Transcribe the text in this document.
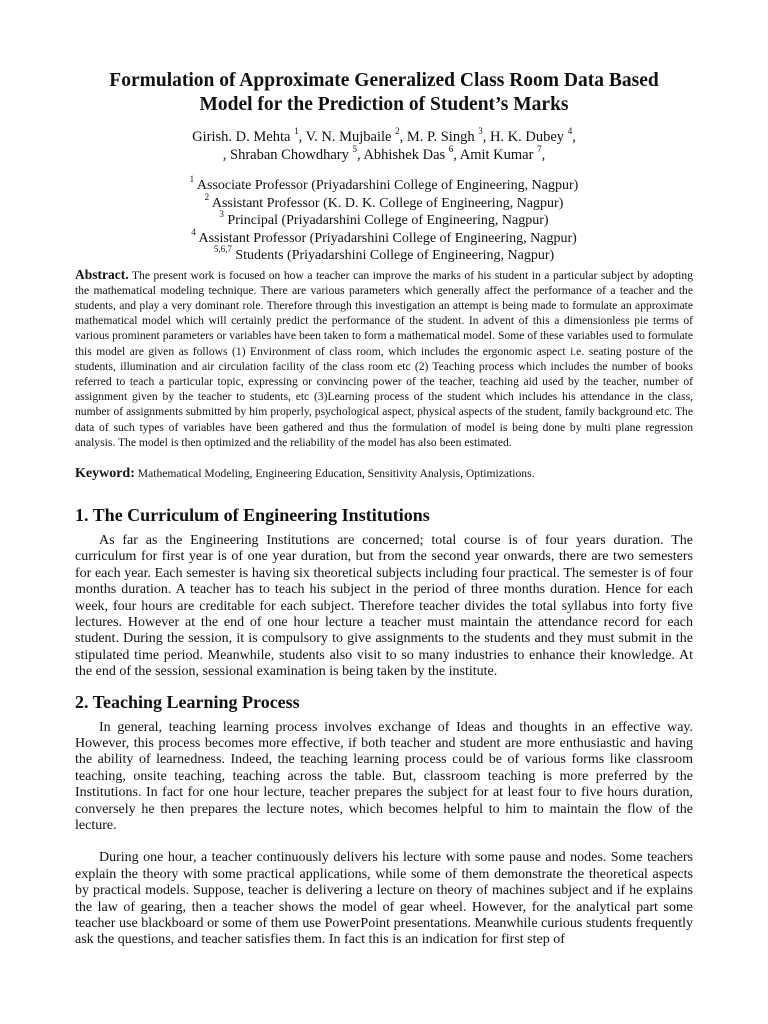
Formulation of Approximate Generalized Class Room Data Based
Model for the Prediction of Student’s Marks
Girish. D. Mehta $^1$, V. N. Mujbaile $^2$, M. P. Singh $^3$, H. K. Dubey $^4$,
, Shraban Chowdhary $^5$, Abhishek Das $^6$, Amit Kumar $^7$,
$^1$ Associate Professor (Priyadarshini College of Engineering, Nagpur)
$^2$ Assistant Professor (K. D. K. College of Engineering, Nagpur)
$^3$ Principal (Priyadarshini College of Engineering, Nagpur)
$^4$ Assistant Professor (Priyadarshini College of Engineering, Nagpur)
$^{5,6,7}$ Students (Priyadarshini College of Engineering, Nagpur)

Abstract. The present work is focused on how a teacher can improve the marks of his student in a particular subject by adopting the mathematical modeling technique. There are various parameters which generally affect the performance of a teacher and the students, and play a very dominant role. Therefore through this investigation an attempt is being made to formulate an approximate mathematical model which will certainly predict the performance of the student. In advent of this a dimensionless pie terms of various prominent parameters or variables have been taken to form a mathematical model. Some of these variables used to formulate this model are given as follows (1) Environment of class room, which includes the ergonomic aspect i.e. seating posture of the students, illumination and air circulation facility of the class room etc (2) Teaching process which includes the number of books referred to teach a particular topic, expressing or convincing power of the teacher, teaching aid used by the teacher, number of assignment given by the teacher to students, etc (3)Learning process of the student which includes his attendance in the class, number of assignments submitted by him properly, psychological aspect, physical aspects of the student, family background etc. The data of such types of variables have been gathered and thus the formulation of model is being done by multi plane regression analysis. The model is then optimized and the reliability of the model has also been estimated.

Keyword: Mathematical Modeling, Engineering Education, Sensitivity Analysis, Optimizations.

1. The Curriculum of Engineering Institutions

As far as the Engineering Institutions are concerned; total course is of four years duration. The curriculum for first year is of one year duration, but from the second year onwards, there are two semesters for each year. Each semester is having six theoretical subjects including four practical. The semester is of four months duration. A teacher has to teach his subject in the period of three months duration. Hence for each week, four hours are creditable for each subject. Therefore teacher divides the total syllabus into forty five lectures. However at the end of one hour lecture a teacher must maintain the attendance record for each student. During the session, it is compulsory to give assignments to the students and they must submit in the stipulated time period. Meanwhile, students also visit to so many industries to enhance their knowledge. At the end of the session, sessional examination is being taken by the institute.

2. Teaching Learning Process

In general, teaching learning process involves exchange of Ideas and thoughts in an effective way. However, this process becomes more effective, if both teacher and student are more enthusiastic and having the ability of learnedness. Indeed, the teaching learning process could be of various forms like classroom teaching, onsite teaching, teaching across the table. But, classroom teaching is more preferred by the Institutions. In fact for one hour lecture, teacher prepares the subject for at least four to five hours duration, conversely he then prepares the lecture notes, which becomes helpful to him to maintain the flow of the lecture.

During one hour, a teacher continuously delivers his lecture with some pause and nodes. Some teachers explain the theory with some practical applications, while some of them demonstrate the theoretical aspects by practical models. Suppose, teacher is delivering a lecture on theory of machines subject and if he explains the law of gearing, then a teacher shows the model of gear wheel. However, for the analytical part some teacher use blackboard or some of them use PowerPoint presentations. Meanwhile curious students frequently ask the questions, and teacher satisfies them. In fact this is an indication for first step of
